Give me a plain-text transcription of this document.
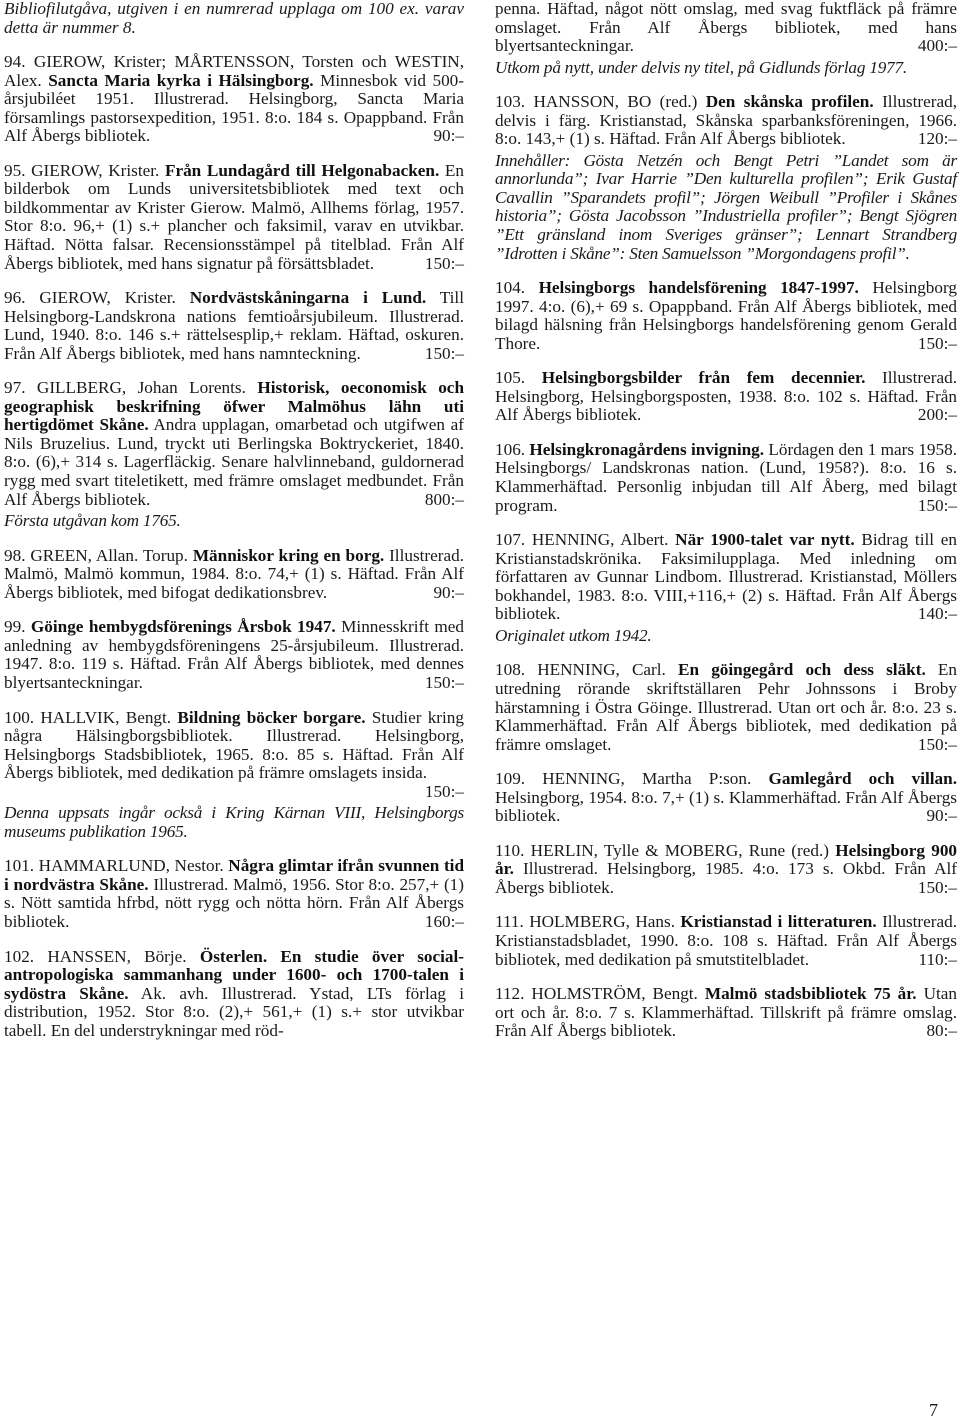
Bibliofilutgåva, utgiven i en numrerad upplaga om 100 ex. varav detta är nummer 8.

94. GIEROW, Krister; MÅRTENSSON, Torsten och WESTIN, Alex. Sancta Maria kyrka i Hälsingborg. Minnesbok vid 500-årsjubiléet 1951. Illustrerad. Helsingborg, Sancta Maria församlings pastorsexpedition, 1951. 8:o. 184 s. Opappband. Från Alf Åbergs bibliotek.	90:–

95. GIEROW, Krister. Från Lundagård till Helgonabacken. En bilderbok om Lunds universitetsbibliotek med text och bildkommentar av Krister Gierow. Malmö, Allhems förlag, 1957. Stor 8:o. 96,+ (1) s.+ plancher och faksimil, varav en utvikbar. Häftad. Nötta falsar. Recensionsstämpel på titelblad. Från Alf Åbergs bibliotek, med hans signatur på försättsbladet.	150:–

96. GIEROW, Krister. Nordvästskåningarna i Lund. Till Helsingborg-Landskrona nations femtioårsjubileum. Illustrerad. Lund, 1940. 8:o. 146 s.+ rättelsesplip,+ reklam. Häftad, oskuren. Från Alf Åbergs bibliotek, med hans namnteckning.	150:–

97. GILLBERG, Johan Lorents. Historisk, oeconomisk och geographisk beskrifning öfwer Malmöhus lähn uti hertigdömet Skåne. Andra upplagan, omarbetad och utgifwen af Nils Bruzelius. Lund, tryckt uti Berlingska Boktryckeriet, 1840. 8:o. (6),+ 314 s. Lagerfläckig. Senare halvlinneband, guldornerad rygg med svart titeletikett, med främre omslaget medbundet. Från Alf Åbergs bibliotek.	800:–

Första utgåvan kom 1765.

98. GREEN, Allan. Torup. Människor kring en borg. Illustrerad. Malmö, Malmö kommun, 1984. 8:o. 74,+ (1) s. Häftad. Från Alf Åbergs bibliotek, med bifogat dedikationsbrev.	90:–

99. Göinge hembygdsförenings Årsbok 1947. Minnesskrift med anledning av hembygdsföreningens 25-årsjubileum. Illustrerad. 1947. 8:o. 119 s. Häftad. Från Alf Åbergs bibliotek, med dennes blyertsanteckningar.	150:–

100. HALLVIK, Bengt. Bildning böcker borgare. Studier kring några Hälsingborgsbibliotek. Illustrerad. Helsingborg, Helsingborgs Stadsbibliotek, 1965. 8:o. 85 s. Häftad. Från Alf Åbergs bibliotek, med dedikation på främre omslagets insida.
150:–

Denna uppsats ingår också i Kring Kärnan VIII, Helsingborgs museums publikation 1965.

101. HAMMARLUND, Nestor. Några glimtar ifrån svunnen tid i nordvästra Skåne. Illustrerad. Malmö, 1956. Stor 8:o. 257,+ (1) s. Nött samtida hfrbd, nött rygg och nötta hörn. Från Alf Åbergs bibliotek.	160:–

102. HANSSEN, Börje. Österlen. En studie över social-antropologiska sammanhang under 1600- och 1700-talen i sydöstra Skåne. Ak. avh. Illustrerad. Ystad, LTs förlag i distribution, 1952. Stor 8:o. (2),+ 561,+ (1) s.+ stor utvikbar tabell. En del understrykningar med röd-

penna. Häftad, något nött omslag, med svag fuktfläck på främre omslaget. Från Alf Åbergs bibliotek, med hans blyertsanteckningar.	400:–

Utkom på nytt, under delvis ny titel, på Gidlunds förlag 1977.

103. HANSSON, BO (red.) Den skånska profilen. Illustrerad, delvis i färg. Kristianstad, Skånska sparbanksföreningen, 1966. 8:o. 143,+ (1) s. Häftad. Från Alf Åbergs bibliotek.	120:–

Innehåller: Gösta Netzén och Bengt Petri ”Landet som är annorlunda”; Ivar Harrie ”Den kulturella profilen”; Erik Gustaf Cavallin ”Sparandets profil”; Jörgen Weibull ”Profiler i Skånes historia”; Gösta Jacobsson ”Industriella profiler”; Bengt Sjögren ”Ett gränsland inom Sveriges gränser”; Lennart Strandberg ”Idrotten i Skåne”: Sten Samuelsson ”Morgondagens profil”.

104. Helsingborgs handelsförening 1847-1997. Helsingborg 1997. 4:o. (6),+ 69 s. Opappband. Från Alf Åbergs bibliotek, med bilagd hälsning från Helsingborgs handelsförening genom Gerald Thore.	150:–

105. Helsingborgsbilder från fem decennier. Illustrerad. Helsingborg, Helsingborgsposten, 1938. 8:o. 102 s. Häftad. Från Alf Åbergs bibliotek.	200:–

106. Helsingkronagårdens invigning. Lördagen den 1 mars 1958. Helsingborgs/ Landskronas nation. (Lund, 1958?). 8:o. 16 s. Klammerhäftad. Personlig inbjudan till Alf Åberg, med bilagt program.	150:–

107. HENNING, Albert. När 1900-talet var nytt. Bidrag till en Kristianstadskrönika. Faksimilupplaga. Med inledning om författaren av Gunnar Lindbom. Illustrerad. Kristianstad, Möllers bokhandel, 1983. 8:o. VIII,+116,+ (2) s. Häftad. Från Alf Åbergs bibliotek.	140:–

Originalet utkom 1942.

108. HENNING, Carl. En göingegård och dess släkt. En utredning rörande skriftställaren Pehr Johnssons i Broby härstamning i Östra Göinge. Illustrerad. Utan ort och år. 8:o. 23 s. Klammerhäftad. Från Alf Åbergs bibliotek, med dedikation på främre omslaget.	150:–

109. HENNING, Martha P:son. Gamlegård och villan. Helsingborg, 1954. 8:o. 7,+ (1) s. Klammerhäftad. Från Alf Åbergs bibliotek.	90:–

110. HERLIN, Tylle & MOBERG, Rune (red.) Helsingborg 900 år. Illustrerad. Helsingborg, 1985. 4:o. 173 s. Okbd. Från Alf Åbergs bibliotek.	150:–

111. HOLMBERG, Hans. Kristianstad i litteraturen. Illustrerad. Kristianstadsbladet, 1990. 8:o. 108 s. Häftad. Från Alf Åbergs bibliotek, med dedikation på smutstitelbladet.	110:–

112. HOLMSTRÖM, Bengt. Malmö stadsbibliotek 75 år. Utan ort och år. 8:o. 7 s. Klammerhäftad. Tillskrift på främre omslag. Från Alf Åbergs bibliotek.	80:–

7
